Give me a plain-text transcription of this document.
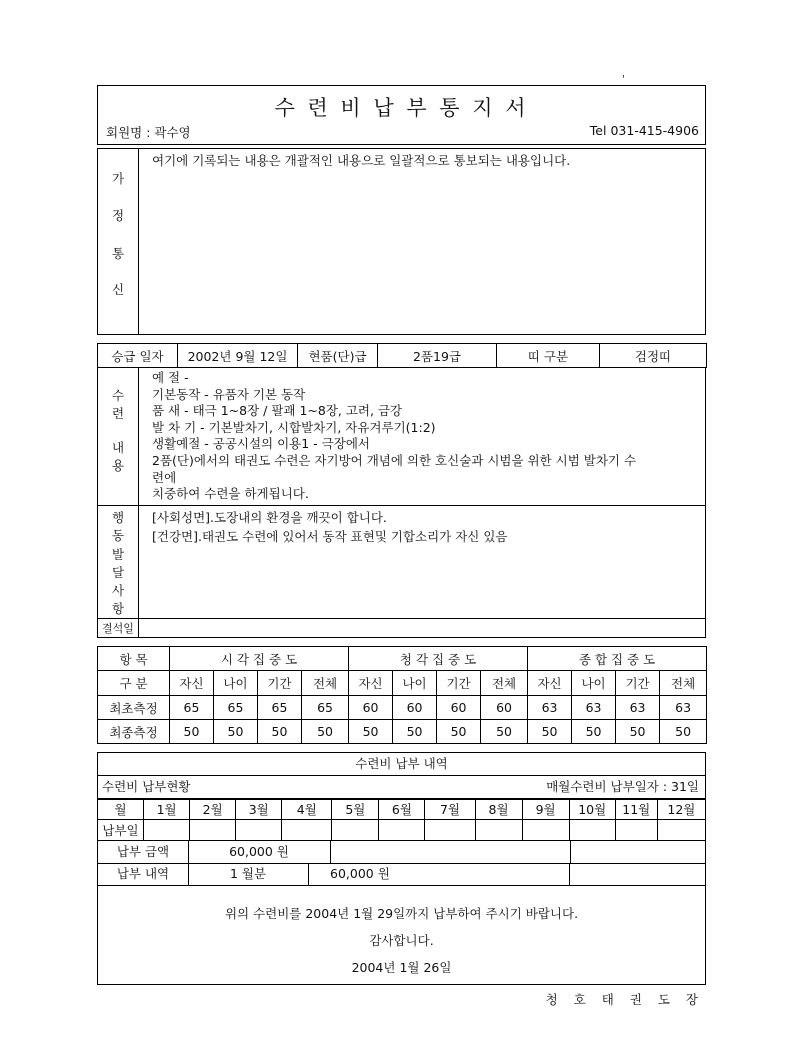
'
수 련 비 납 부 통 지 서
회원명 : 곽수영	Tel 031-415-4906
가
정
통
신
여기에 기록되는 내용은 개괄적인 내용으로 일괄적으로 통보되는 내용입니다.
승급 일자	2002년 9월 12일	현품(단)급	2품19급	띠 구분	검정띠
수
련
내
용
예 절 -
기본동작 - 유품자 기본 동작
품 새 - 태극 1~8장 / 팔괘 1~8장, 고려, 금강
발 차 기 - 기본발차기, 시합발차기, 자유겨루기(1:2)
생활예절 - 공공시설의 이용1 - 극장에서
2품(단)에서의 태권도 수련은 자기방어 개념에 의한 호신술과 시범을 위한 시범 발차기 수
련에
치중하여 수련을 하게됩니다.
행
동
발
달
사
항
[사회성면].도장내의 환경을 깨끗이 합니다.
[건강면].태권도 수련에 있어서 동작 표현및 기합소리가 자신 있음
결석일
항 목	시 각 집 중 도				청 각 집 중 도				종 합 집 중 도			
구 분	자신	나이	기간	전체	자신	나이	기간	전체	자신	나이	기간	전체
최초측정	65	65	65	65	60	60	60	60	63	63	63	63
최종측정	50	50	50	50	50	50	50	50	50	50	50	50
수련비 납부 내역
수련비 납부현황	매월수련비 납부일자 : 31일
월	1월	2월	3월	4월	5월	6월	7월	8월	9월	10월	11월	12월
납부일												
납부 금액	60,000 원
납부 내역	1 월분	60,000 원
위의 수련비를 2004년 1월 29일까지 납부하여 주시기 바랍니다.
감사합니다.
2004년 1월 26일
청 호 태 권 도 장
